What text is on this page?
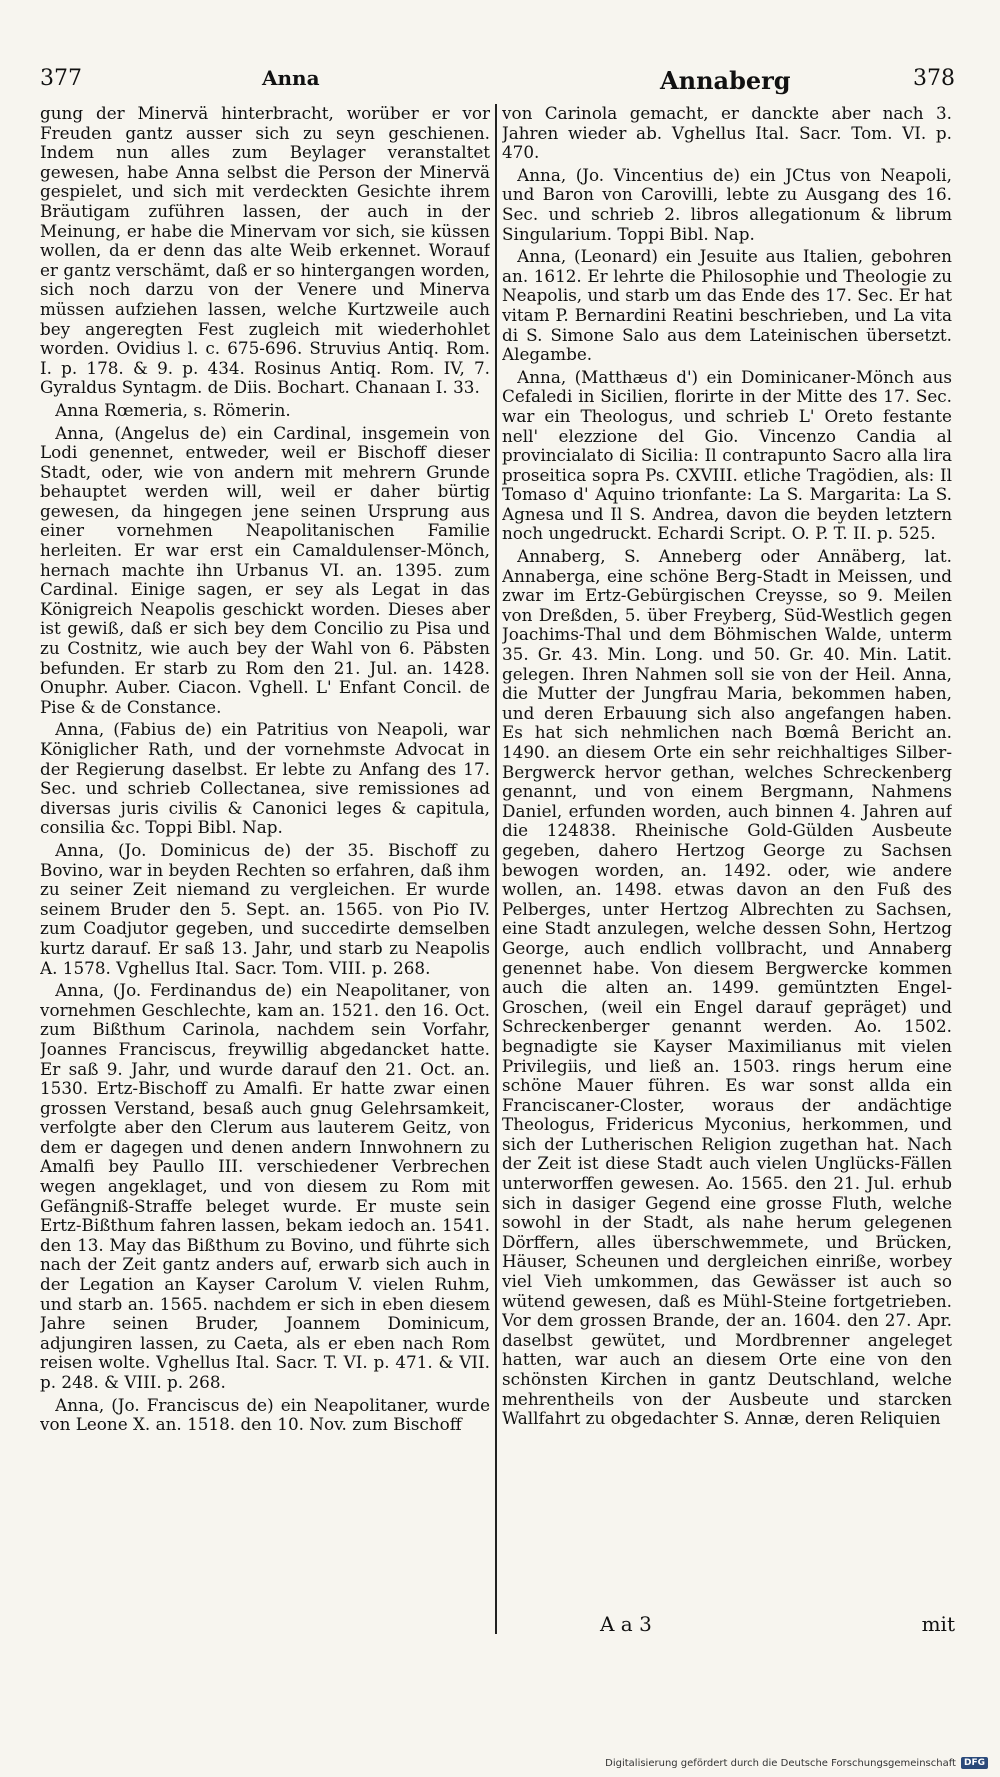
377	Anna	Annaberg	378

gung der Minervä hinterbracht, worüber er vor Freuden gantz ausser sich zu seyn geschienen. Indem nun alles zum Beylager veranstaltet gewesen, habe Anna selbst die Person der Minervä gespielet, und sich mit verdeckten Gesichte ihrem Bräutigam zuführen lassen, der auch in der Meinung, er habe die Minervam vor sich, sie küssen wollen, da er denn das alte Weib erkennet. Worauf er gantz verschämt, daß er so hintergangen worden, sich noch darzu von der Venere und Minerva müssen aufziehen lassen, welche Kurtzweile auch bey angeregten Fest zugleich mit wiederhohlet worden. Ovidius l. c. 675-696. Struvius Antiq. Rom. I. p. 178. & 9. p. 434. Rosinus Antiq. Rom. IV, 7. Gyraldus Syntagm. de Diis. Bochart. Chanaan I. 33.

Anna Rœmeria, s. Römerin.

Anna, (Angelus de) ein Cardinal, insgemein von Lodi genennet, entweder, weil er Bischoff dieser Stadt, oder, wie von andern mit mehrern Grunde behauptet werden will, weil er daher bürtig gewesen, da hingegen jene seinen Ursprung aus einer vornehmen Neapolitanischen Familie herleiten. Er war erst ein Camaldulenser-Mönch, hernach machte ihn Urbanus VI. an. 1395. zum Cardinal. Einige sagen, er sey als Legat in das Königreich Neapolis geschickt worden. Dieses aber ist gewiß, daß er sich bey dem Concilio zu Pisa und zu Costnitz, wie auch bey der Wahl von 6. Päbsten befunden. Er starb zu Rom den 21. Jul. an. 1428. Onuphr. Auber. Ciacon. Vghell. L' Enfant Concil. de Pise & de Constance.

Anna, (Fabius de) ein Patritius von Neapoli, war Königlicher Rath, und der vornehmste Advocat in der Regierung daselbst. Er lebte zu Anfang des 17. Sec. und schrieb Collectanea, sive remissiones ad diversas juris civilis & Canonici leges & capitula, consilia &c. Toppi Bibl. Nap.

Anna, (Jo. Dominicus de) der 35. Bischoff zu Bovino, war in beyden Rechten so erfahren, daß ihm zu seiner Zeit niemand zu vergleichen. Er wurde seinem Bruder den 5. Sept. an. 1565. von Pio IV. zum Coadjutor gegeben, und succedirte demselben kurtz darauf. Er saß 13. Jahr, und starb zu Neapolis A. 1578. Vghellus Ital. Sacr. Tom. VIII. p. 268.

Anna, (Jo. Ferdinandus de) ein Neapolitaner, von vornehmen Geschlechte, kam an. 1521. den 16. Oct. zum Bißthum Carinola, nachdem sein Vorfahr, Joannes Franciscus, freywillig abgedancket hatte. Er saß 9. Jahr, und wurde darauf den 21. Oct. an. 1530. Ertz-Bischoff zu Amalfi. Er hatte zwar einen grossen Verstand, besaß auch gnug Gelehrsamkeit, verfolgte aber den Clerum aus lauterem Geitz, von dem er dagegen und denen andern Innwohnern zu Amalfi bey Paullo III. verschiedener Verbrechen wegen angeklaget, und von diesem zu Rom mit Gefängniß-Straffe beleget wurde. Er muste sein Ertz-Bißthum fahren lassen, bekam iedoch an. 1541. den 13. May das Bißthum zu Bovino, und führte sich nach der Zeit gantz anders auf, erwarb sich auch in der Legation an Kayser Carolum V. vielen Ruhm, und starb an. 1565. nachdem er sich in eben diesem Jahre seinen Bruder, Joannem Dominicum, adjungiren lassen, zu Caeta, als er eben nach Rom reisen wolte. Vghellus Ital. Sacr. T. VI. p. 471. & VII. p. 248. & VIII. p. 268.

Anna, (Jo. Franciscus de) ein Neapolitaner, wurde von Leone X. an. 1518. den 10. Nov. zum Bischoff

von Carinola gemacht, er danckte aber nach 3. Jahren wieder ab. Vghellus Ital. Sacr. Tom. VI. p. 470.

Anna, (Jo. Vincentius de) ein JCtus von Neapoli, und Baron von Carovilli, lebte zu Ausgang des 16. Sec. und schrieb 2. libros allegationum & librum Singularium. Toppi Bibl. Nap.

Anna, (Leonard) ein Jesuite aus Italien, gebohren an. 1612. Er lehrte die Philosophie und Theologie zu Neapolis, und starb um das Ende des 17. Sec. Er hat vitam P. Bernardini Reatini beschrieben, und La vita di S. Simone Salo aus dem Lateinischen übersetzt. Alegambe.

Anna, (Matthæus d') ein Dominicaner-Mönch aus Cefaledi in Sicilien, florirte in der Mitte des 17. Sec. war ein Theologus, und schrieb L' Oreto festante nell' elezzione del Gio. Vincenzo Candia al provincialato di Sicilia: Il contrapunto Sacro alla lira proseitica sopra Ps. CXVIII. etliche Tragödien, als: Il Tomaso d' Aquino trionfante: La S. Margarita: La S. Agnesa und Il S. Andrea, davon die beyden letztern noch ungedruckt. Echardi Script. O. P. T. II. p. 525.

Annaberg, S. Anneberg oder Annäberg, lat. Annaberga, eine schöne Berg-Stadt in Meissen, und zwar im Ertz-Gebürgischen Creysse, so 9. Meilen von Dreßden, 5. über Freyberg, Süd-Westlich gegen Joachims-Thal und dem Böhmischen Walde, unterm 35. Gr. 43. Min. Long. und 50. Gr. 40. Min. Latit. gelegen. Ihren Nahmen soll sie von der Heil. Anna, die Mutter der Jungfrau Maria, bekommen haben, und deren Erbauung sich also angefangen haben. Es hat sich nehmlichen nach Bœmâ Bericht an. 1490. an diesem Orte ein sehr reichhaltiges Silber-Bergwerck hervor gethan, welches Schreckenberg genannt, und von einem Bergmann, Nahmens Daniel, erfunden worden, auch binnen 4. Jahren auf die 124838. Rheinische Gold-Gülden Ausbeute gegeben, dahero Hertzog George zu Sachsen bewogen worden, an. 1492. oder, wie andere wollen, an. 1498. etwas davon an den Fuß des Pelberges, unter Hertzog Albrechten zu Sachsen, eine Stadt anzulegen, welche dessen Sohn, Hertzog George, auch endlich vollbracht, und Annaberg genennet habe. Von diesem Bergwercke kommen auch die alten an. 1499. gemüntzten Engel-Groschen, (weil ein Engel darauf gepräget) und Schreckenberger genannt werden. Ao. 1502. begnadigte sie Kayser Maximilianus mit vielen Privilegiis, und ließ an. 1503. rings herum eine schöne Mauer führen. Es war sonst allda ein Franciscaner-Closter, woraus der andächtige Theologus, Fridericus Myconius, herkommen, und sich der Lutherischen Religion zugethan hat. Nach der Zeit ist diese Stadt auch vielen Unglücks-Fällen unterworffen gewesen. Ao. 1565. den 21. Jul. erhub sich in dasiger Gegend eine grosse Fluth, welche sowohl in der Stadt, als nahe herum gelegenen Dörffern, alles überschwemmete, und Brücken, Häuser, Scheunen und dergleichen einriße, worbey viel Vieh umkommen, das Gewässer ist auch so wütend gewesen, daß es Mühl-Steine fortgetrieben. Vor dem grossen Brande, der an. 1604. den 27. Apr. daselbst gewütet, und Mordbrenner angeleget hatten, war auch an diesem Orte eine von den schönsten Kirchen in gantz Deutschland, welche mehrentheils von der Ausbeute und starcken Wallfahrt zu obgedachter S. Annæ, deren Reliquien

A a 3	mit
Digitalisierung gefördert durch die Deutsche Forschungsgemeinschaft DFG
